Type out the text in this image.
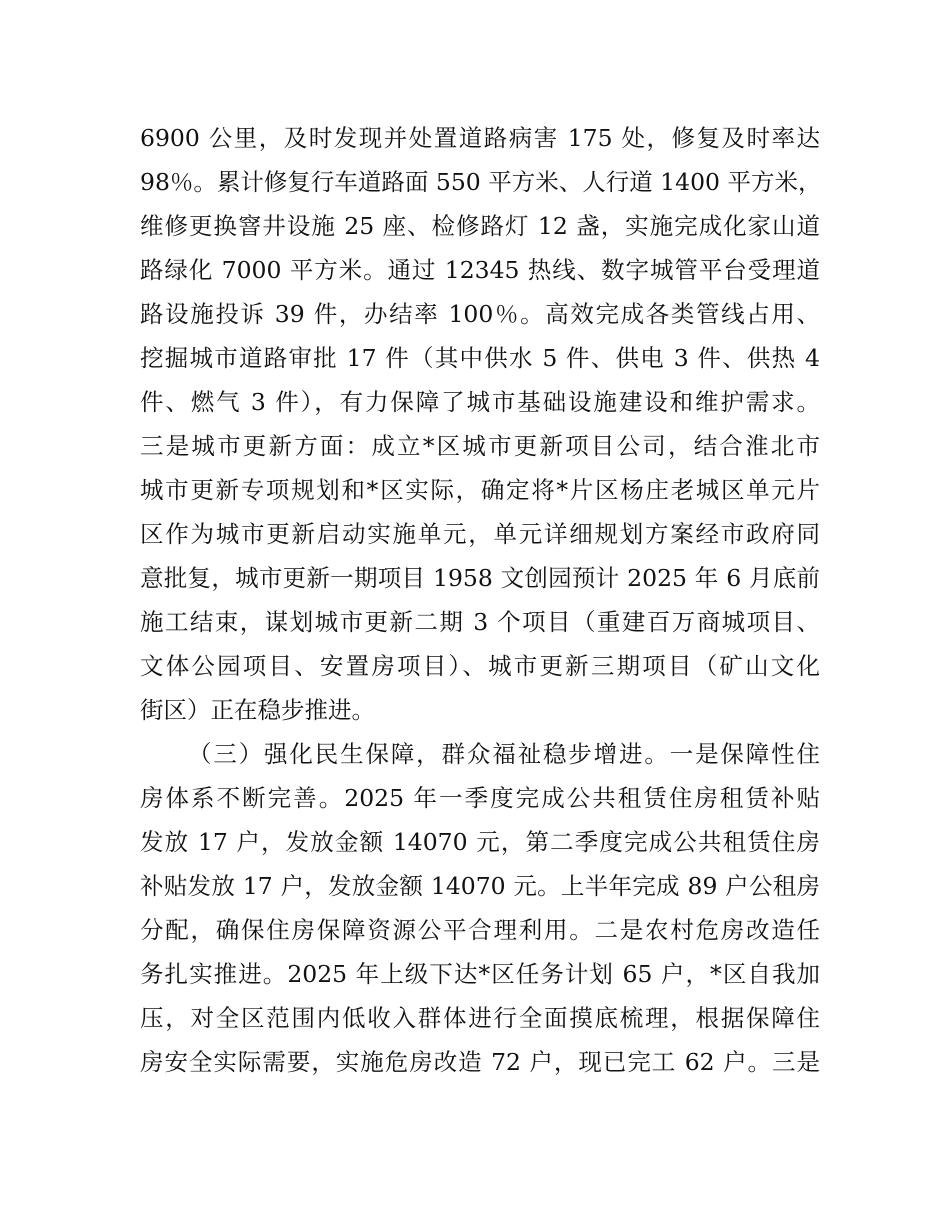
6900 公里，及时发现并处置道路病害 175 处，修复及时率达
98％。累计修复行车道路面 550 平方米、人行道 1400 平方米，
维修更换窨井设施 25 座、检修路灯 12 盏，实施完成化家山道
路绿化 7000 平方米。通过 12345 热线、数字城管平台受理道
路设施投诉 39 件，办结率 100％。高效完成各类管线占用、
挖掘城市道路审批 17 件（其中供水 5 件、供电 3 件、供热 4
件、燃气 3 件），有力保障了城市基础设施建设和维护需求。
三是城市更新方面：成立*区城市更新项目公司，结合淮北市
城市更新专项规划和*区实际，确定将*片区杨庄老城区单元片
区作为城市更新启动实施单元，单元详细规划方案经市政府同
意批复，城市更新一期项目 1958 文创园预计 2025 年 6 月底前
施工结束，谋划城市更新二期 3 个项目（重建百万商城项目、
文体公园项目、安置房项目）、城市更新三期项目（矿山文化
街区）正在稳步推进。
（三）强化民生保障，群众福祉稳步增进。一是保障性住
房体系不断完善。2025 年一季度完成公共租赁住房租赁补贴
发放 17 户，发放金额 14070 元，第二季度完成公共租赁住房
补贴发放 17 户，发放金额 14070 元。上半年完成 89 户公租房
分配，确保住房保障资源公平合理利用。二是农村危房改造任
务扎实推进。2025 年上级下达*区任务计划 65 户，*区自我加
压，对全区范围内低收入群体进行全面摸底梳理，根据保障住
房安全实际需要，实施危房改造 72 户，现已完工 62 户。三是
